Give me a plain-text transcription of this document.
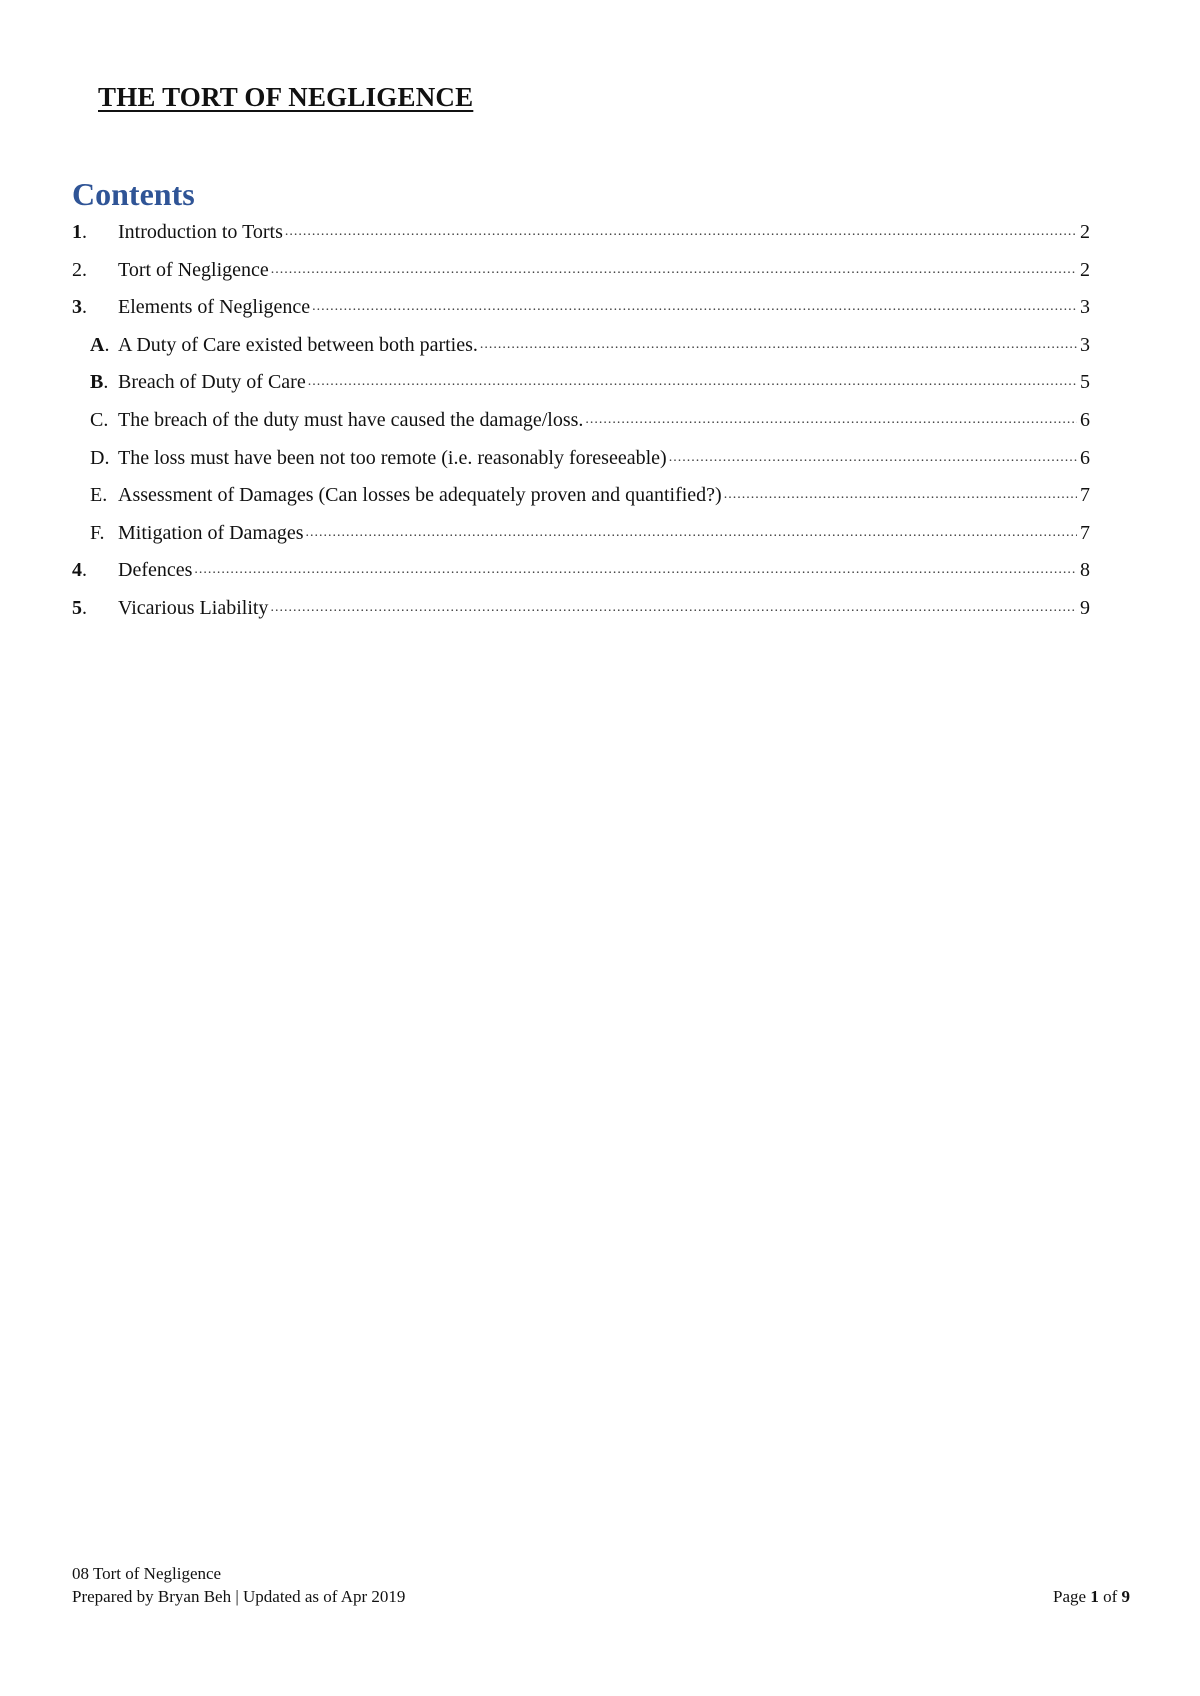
THE TORT OF NEGLIGENCE
Contents
1.	Introduction to Torts .....	2
2.	Tort of Negligence .....	2
3.	Elements of Negligence .....	3
A. A Duty of Care existed between both parties. .....	3
B. Breach of Duty of Care .....	5
C. The breach of the duty must have caused the damage/loss. .....	6
D. The loss must have been not too remote (i.e. reasonably foreseeable) .....	6
E. Assessment of Damages (Can losses be adequately proven and quantified?) .....	7
F. Mitigation of Damages .....	7
4.	Defences .....	8
5.	Vicarious Liability .....	9
08 Tort of Negligence
Prepared by Bryan Beh | Updated as of Apr 2019	Page 1 of 9
